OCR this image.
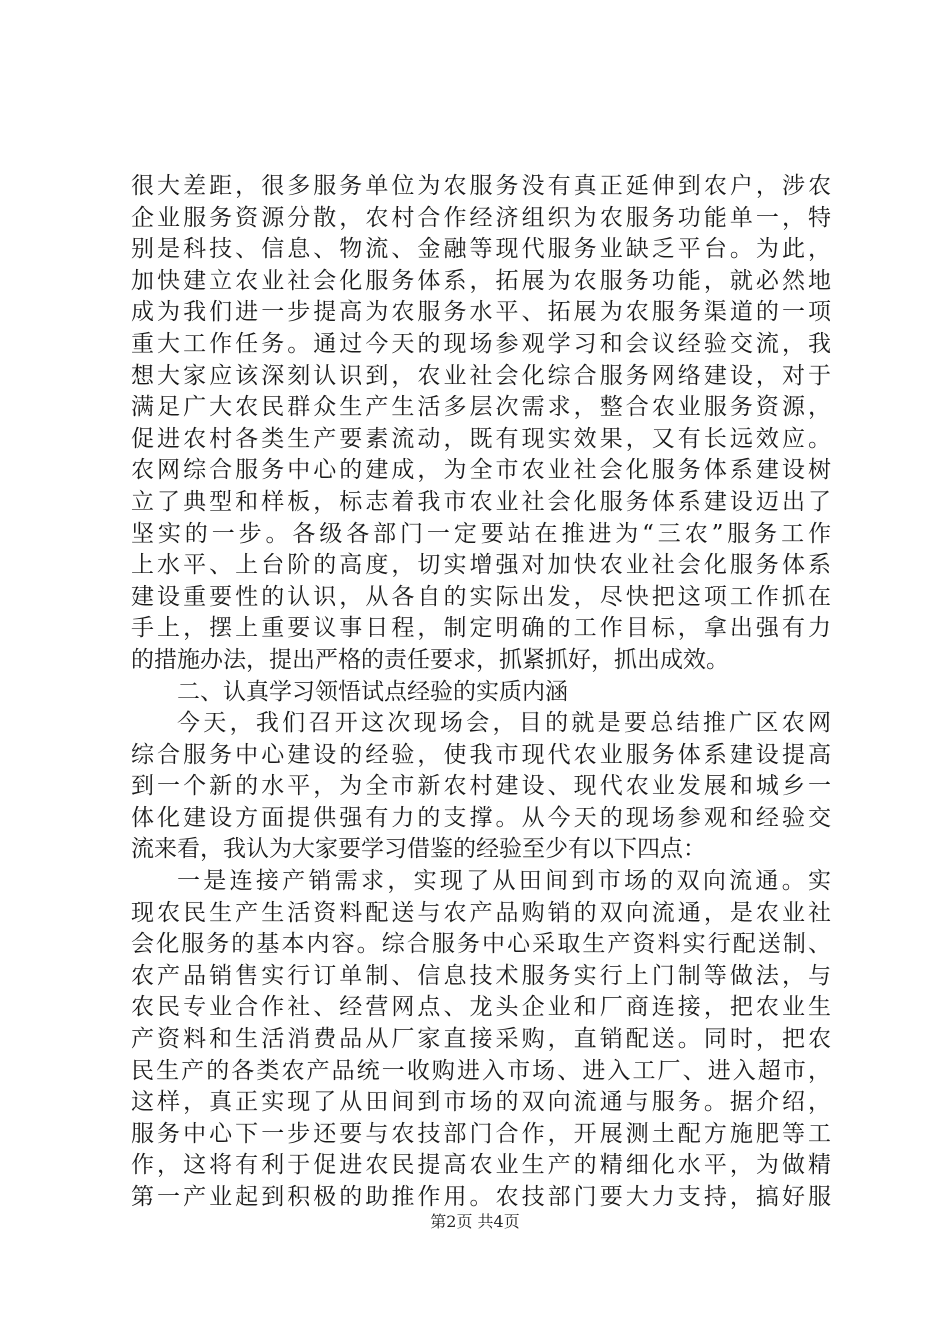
很大差距，很多服务单位为农服务没有真正延伸到农户，涉农
企业服务资源分散，农村合作经济组织为农服务功能单一，特
别是科技、信息、物流、金融等现代服务业缺乏平台。为此，
加快建立农业社会化服务体系，拓展为农服务功能，就必然地
成为我们进一步提高为农服务水平、拓展为农服务渠道的一项
重大工作任务。通过今天的现场参观学习和会议经验交流，我
想大家应该深刻认识到，农业社会化综合服务网络建设，对于
满足广大农民群众生产生活多层次需求，整合农业服务资源，
促进农村各类生产要素流动，既有现实效果，又有长远效应。
农网综合服务中心的建成，为全市农业社会化服务体系建设树
立了典型和样板，标志着我市农业社会化服务体系建设迈出了
坚实的一步。各级各部门一定要站在推进为“三农”服务工作
上水平、上台阶的高度，切实增强对加快农业社会化服务体系
建设重要性的认识，从各自的实际出发，尽快把这项工作抓在
手上，摆上重要议事日程，制定明确的工作目标，拿出强有力
的措施办法，提出严格的责任要求，抓紧抓好，抓出成效。
二、认真学习领悟试点经验的实质内涵
今天，我们召开这次现场会，目的就是要总结推广区农网
综合服务中心建设的经验，使我市现代农业服务体系建设提高
到一个新的水平，为全市新农村建设、现代农业发展和城乡一
体化建设方面提供强有力的支撑。从今天的现场参观和经验交
流来看，我认为大家要学习借鉴的经验至少有以下四点：
一是连接产销需求，实现了从田间到市场的双向流通。实
现农民生产生活资料配送与农产品购销的双向流通，是农业社
会化服务的基本内容。综合服务中心采取生产资料实行配送制、
农产品销售实行订单制、信息技术服务实行上门制等做法，与
农民专业合作社、经营网点、龙头企业和厂商连接，把农业生
产资料和生活消费品从厂家直接采购，直销配送。同时，把农
民生产的各类农产品统一收购进入市场、进入工厂、进入超市，
这样，真正实现了从田间到市场的双向流通与服务。据介绍，
服务中心下一步还要与农技部门合作，开展测土配方施肥等工
作，这将有利于促进农民提高农业生产的精细化水平，为做精
第一产业起到积极的助推作用。农技部门要大力支持，搞好服
第2页 共4页
